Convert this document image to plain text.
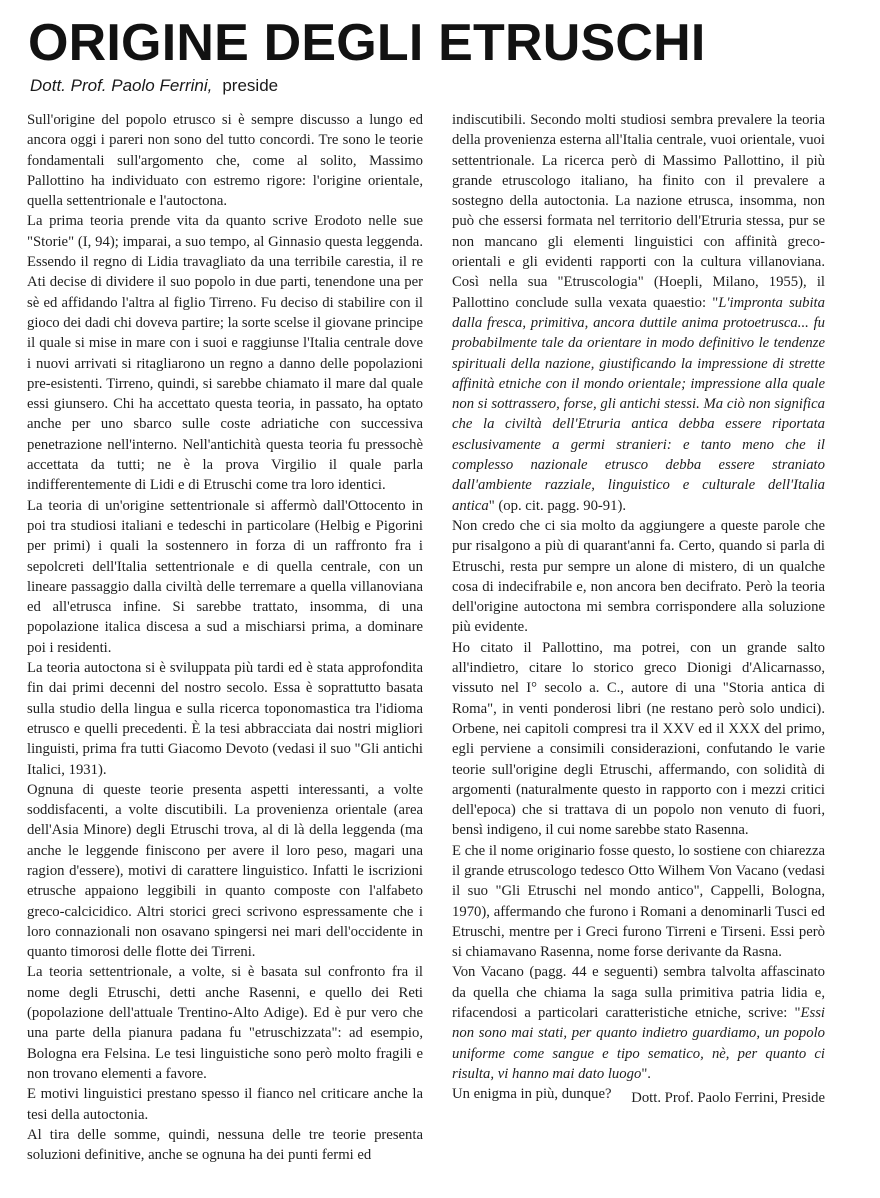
ORIGINE DEGLI ETRUSCHI
Dott. Prof. Paolo Ferrini, preside

Sull'origine del popolo etrusco si è sempre discusso a lungo ed ancora oggi i pareri non sono del tutto concordi. Tre sono le teorie fondamentali sull'argomento che, come al solito, Massimo Pallottino ha individuato con estremo rigore: l'origine orientale, quella settentrionale e l'autoctona.

La prima teoria prende vita da quanto scrive Erodoto nelle sue "Storie" (I, 94); imparai, a suo tempo, al Ginnasio questa leggenda. Essendo il regno di Lidia travagliato da una terribile carestia, il re Ati decise di dividere il suo popolo in due parti, tenendone una per sè ed affidando l'altra al figlio Tirreno. Fu deciso di stabilire con il gioco dei dadi chi doveva partire; la sorte scelse il giovane principe il quale si mise in mare con i suoi e raggiunse l'Italia centrale dove i nuovi arrivati si ritagliarono un regno a danno delle popolazioni pre-esistenti. Tirreno, quindi, si sarebbe chiamato il mare dal quale essi giunsero. Chi ha accettato questa teoria, in passato, ha optato anche per uno sbarco sulle coste adriatiche con successiva penetrazione nell'interno. Nell'antichità questa teoria fu pressochè accettata da tutti; ne è la prova Virgilio il quale parla indifferentemente di Lidi e di Etruschi come tra loro identici.

La teoria di un'origine settentrionale si affermò dall'Ottocento in poi tra studiosi italiani e tedeschi in particolare (Helbig e Pigorini per primi) i quali la sostennero in forza di un raffronto fra i sepolcreti dell'Italia settentrionale e di quella centrale, con un lineare passaggio dalla civiltà delle terremare a quella villanoviana ed all'etrusca infine. Si sarebbe trattato, insomma, di una popolazione italica discesa a sud a mischiarsi prima, a dominare poi i residenti.

La teoria autoctona si è sviluppata più tardi ed è stata approfondita fin dai primi decenni del nostro secolo. Essa è soprattutto basata sulla studio della lingua e sulla ricerca toponomastica tra l'idioma etrusco e quelli precedenti. È la tesi abbracciata dai nostri migliori linguisti, prima fra tutti Giacomo Devoto (vedasi il suo "Gli antichi Italici, 1931).

Ognuna di queste teorie presenta aspetti interessanti, a volte soddisfacenti, a volte discutibili. La provenienza orientale (area dell'Asia Minore) degli Etruschi trova, al di là della leggenda (ma anche le leggende finiscono per avere il loro peso, magari una ragion d'essere), motivi di carattere linguistico. Infatti le iscrizioni etrusche appaiono leggibili in quanto composte con l'alfabeto greco-calcicidico. Altri storici greci scrivono espressamente che i loro connazionali non osavano spingersi nei mari dell'occidente in quanto timorosi delle flotte dei Tirreni.

La teoria settentrionale, a volte, si è basata sul confronto fra il nome degli Etruschi, detti anche Rasenni, e quello dei Reti (popolazione dell'attuale Trentino-Alto Adige). Ed è pur vero che una parte della pianura padana fu "etruschizzata": ad esempio, Bologna era Felsina. Le tesi linguistiche sono però molto fragili e non trovano elementi a favore.

E motivi linguistici prestano spesso il fianco nel criticare anche la tesi della autoctonia.

Al tira delle somme, quindi, nessuna delle tre teorie presenta soluzioni definitive, anche se ognuna ha dei punti fermi ed

indiscutibili. Secondo molti studiosi sembra prevalere la teoria della provenienza esterna all'Italia centrale, vuoi orientale, vuoi settentrionale. La ricerca però di Massimo Pallottino, il più grande etruscologo italiano, ha finito con il prevalere a sostegno della autoctonia. La nazione etrusca, insomma, non può che essersi formata nel territorio dell'Etruria stessa, pur se non mancano gli elementi linguistici con affinità greco-orientali e gli evidenti rapporti con la cultura villanoviana. Così nella sua "Etruscologia" (Hoepli, Milano, 1955), il Pallottino conclude sulla vexata quaestio: "L'impronta subita dalla fresca, primitiva, ancora duttile anima protoetrusca... fu probabilmente tale da orientare in modo definitivo le tendenze spirituali della nazione, giustificando la impressione di strette affinità etniche con il mondo orientale; impressione alla quale non si sottrassero, forse, gli antichi stessi. Ma ciò non significa che la civiltà dell'Etruria antica debba essere riportata esclusivamente a germi stranieri: e tanto meno che il complesso nazionale etrusco debba essere straniato dall'ambiente razziale, linguistico e culturale dell'Italia antica" (op. cit. pagg. 90-91).

Non credo che ci sia molto da aggiungere a queste parole che pur risalgono a più di quarant'anni fa. Certo, quando si parla di Etruschi, resta pur sempre un alone di mistero, di un qualche cosa di indecifrabile e, non ancora ben decifrato. Però la teoria dell'origine autoctona mi sembra corrispondere alla soluzione più evidente.

Ho citato il Pallottino, ma potrei, con un grande salto all'indietro, citare lo storico greco Dionigi d'Alicarnasso, vissuto nel I° secolo a. C., autore di una "Storia antica di Roma", in venti ponderosi libri (ne restano però solo undici). Orbene, nei capitoli compresi tra il XXV ed il XXX del primo, egli perviene a consimili considerazioni, confutando le varie teorie sull'origine degli Etruschi, affermando, con solidità di argomenti (naturalmente questo in rapporto con i mezzi critici dell'epoca) che si trattava di un popolo non venuto di fuori, bensì indigeno, il cui nome sarebbe stato Rasenna.

E che il nome originario fosse questo, lo sostiene con chiarezza il grande etruscologo tedesco Otto Wilhem Von Vacano (vedasi il suo "Gli Etruschi nel mondo antico", Cappelli, Bologna, 1970), affermando che furono i Romani a denominarli Tusci ed Etruschi, mentre per i Greci furono Tirreni e Tirseni. Essi però si chiamavano Rasenna, nome forse derivante da Rasna.

Von Vacano (pagg. 44 e seguenti) sembra talvolta affascinato da quella che chiama la saga sulla primitiva patria lidia e, rifacendosi a particolari caratteristiche etniche, scrive: "Essi non sono mai stati, per quanto indietro guardiamo, un popolo uniforme come sangue e tipo sematico, nè, per quanto ci risulta, vi hanno mai dato luogo".

Un enigma in più, dunque?	Dott. Prof. Paolo Ferrini, Preside
